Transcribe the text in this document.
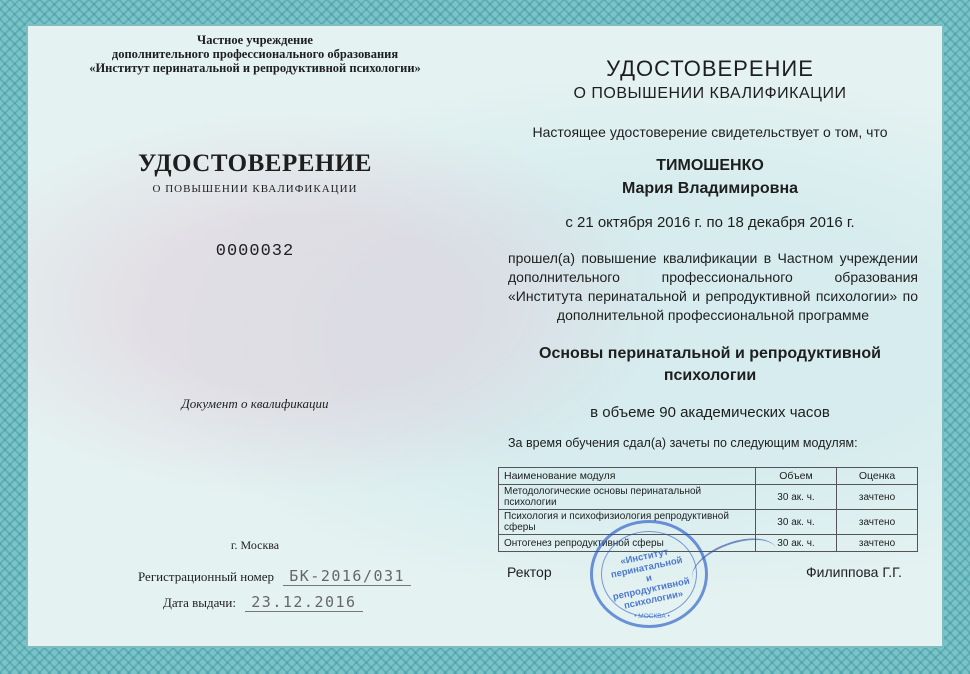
Частное учреждение
дополнительного профессионального образования
«Институт перинатальной и репродуктивной психологии»
УДОСТОВЕРЕНИЕ
О ПОВЫШЕНИИ КВАЛИФИКАЦИИ
0000032
Документ о квалификации
г. Москва
Регистрационный номер БК-2016/031
Дата выдачи: 23.12.2016
УДОСТОВЕРЕНИЕ
О ПОВЫШЕНИИ КВАЛИФИКАЦИИ
Настоящее удостоверение свидетельствует о том, что
ТИМОШЕНКО
Мария Владимировна
с 21 октября 2016 г. по 18 декабря 2016 г.
прошел(а) повышение квалификации в Частном учреждении дополнительного профессионального образования «Института перинатальной и репродуктивной психологии» по дополнительной профессиональной программе
Основы перинатальной и репродуктивной
психологии
в объеме 90 академических часов
За время обучения сдал(а) зачеты по следующим модулям:
Наименование модуля	Объем	Оценка
Методологические основы перинатальной психологии	30 ак. ч.	зачтено
Психология и психофизиология репродуктивной сферы	30 ак. ч.	зачтено
Онтогенез репродуктивной сферы	30 ак. ч.	зачтено
Ректор	Филиппова Г.Г.
«Институт перинатальной и репродуктивной психологии»
• МОСКВА •
